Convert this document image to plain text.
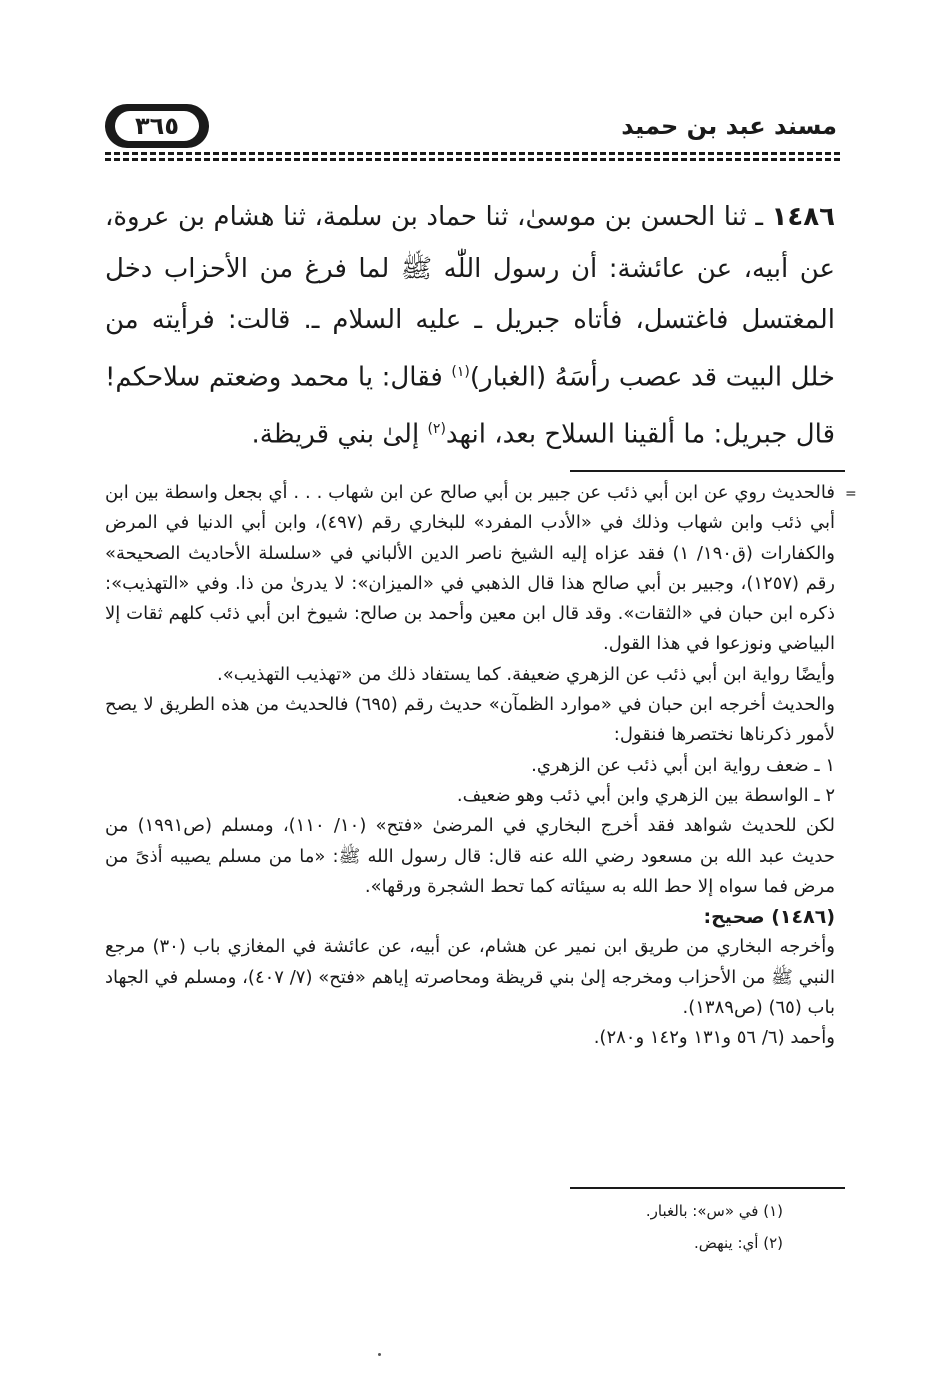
٣٦٥	مسند عبد بن حميد

١٤٨٦ ـ ثنا الحسن بن موسىٰ، ثنا حماد بن سلمة، ثنا هشام بن عروة، عن أبيه، عن عائشة: أن رسول اللّٰه ﷺ لما فرغ من الأحزاب دخل المغتسل فاغتسل، فأتاه جبريل ـ عليه السلام ـ. قالت: فرأيته من خلل البيت قد عصب رأسَهُ (الغبار)$^{(١)}$ فقال: يا محمد وضعتم سلاحكم! قال جبريل: ما ألقينا السلاح بعد، انهد$^{(٢)}$ إلىٰ بني قريظة.

=

فالحديث روي عن ابن أبي ذئب عن جبير بن أبي صالح عن ابن شهاب . . . أي بجعل واسطة بين ابن أبي ذئب وابن شهاب وذلك في «الأدب المفرد» للبخاري رقم (٤٩٧)، وابن أبي الدنيا في المرض والكفارات (ق١٩٠/ ١) فقد عزاه إليه الشيخ ناصر الدين الألباني في «سلسلة الأحاديث الصحيحة» رقم (١٢٥٧)، وجبير بن أبي صالح هذا قال الذهبي في «الميزان»: لا يدرىٰ من ذا. وفي «التهذيب»: ذكره ابن حبان في «الثقات». وقد قال ابن معين وأحمد بن صالح: شيوخ ابن أبي ذئب كلهم ثقات إلا البياضي ونوزعوا في هذا القول.

وأيضًا رواية ابن أبي ذئب عن الزهري ضعيفة. كما يستفاد ذلك من «تهذيب التهذيب».

والحديث أخرجه ابن حبان في «موارد الظمآن» حديث رقم (٦٩٥) فالحديث من هذه الطريق لا يصح لأمور ذكرناها نختصرها فنقول:

١ ـ ضعف رواية ابن أبي ذئب عن الزهري.

٢ ـ الواسطة بين الزهري وابن أبي ذئب وهو ضعيف.

لكن للحديث شواهد فقد أخرج البخاري في المرضىٰ «فتح» (١٠/ ١١٠)، ومسلم (ص١٩٩١) من حديث عبد الله بن مسعود رضي الله عنه قال: قال رسول الله ﷺ: «ما من مسلم يصيبه أذىً من مرض فما سواه إلا حط الله به سيئاته كما تحط الشجرة ورقها».

(١٤٨٦) صحيح:

وأخرجه البخاري من طريق ابن نمير عن هشام، عن أبيه، عن عائشة في المغازي باب (٣٠) مرجع النبي ﷺ من الأحزاب ومخرجه إلىٰ بني قريظة ومحاصرته إياهم «فتح» (٧/ ٤٠٧)، ومسلم في الجهاد باب (٦٥) (ص١٣٨٩).

وأحمد (٦/ ٥٦ و١٣١ و١٤٢ و٢٨٠).

(١) في «س»: بالغبار.

(٢) أي: ينهض.
